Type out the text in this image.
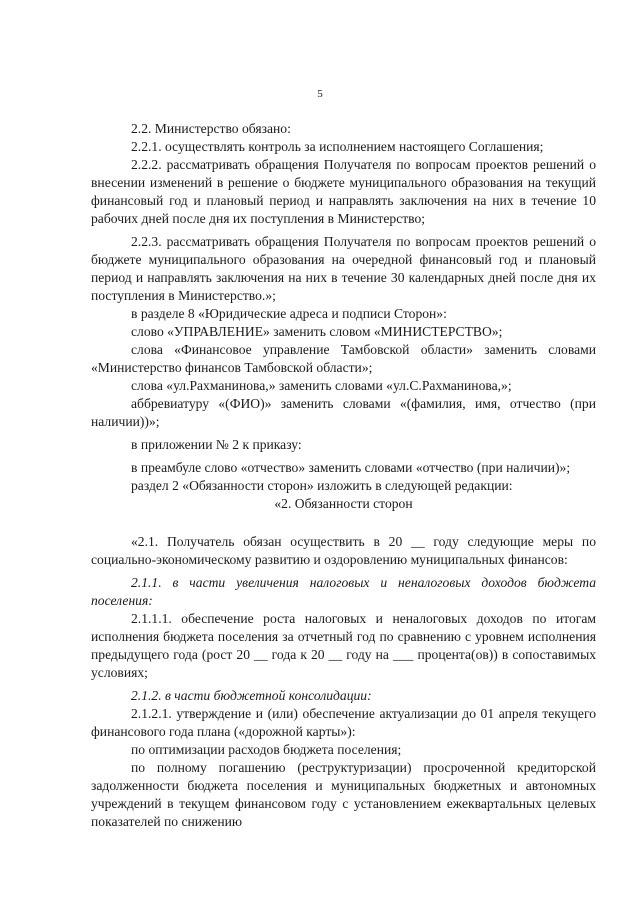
5

2.2. Министерство обязано:

2.2.1. осуществлять контроль за исполнением настоящего Соглашения;

2.2.2. рассматривать обращения Получателя по вопросам проектов решений о внесении изменений в решение о бюджете муниципального образования на текущий финансовый год и плановый период и направлять заключения на них в течение 10 рабочих дней после дня их поступления в Министерство;

2.2.3. рассматривать обращения Получателя по вопросам проектов решений о бюджете муниципального образования на очередной финансовый год и плановый период и направлять заключения на них в течение 30 календарных дней после дня их поступления в Министерство.»;

в разделе 8 «Юридические адреса и подписи Сторон»:

слово «УПРАВЛЕНИЕ» заменить словом «МИНИСТЕРСТВО»;

слова «Финансовое управление Тамбовской области» заменить словами «Министерство финансов Тамбовской области»;

слова «ул.Рахманинова,» заменить словами «ул.С.Рахманинова,»;

аббревиатуру «(ФИО)» заменить словами «(фамилия, имя, отчество (при наличии))»;

в приложении № 2 к приказу:

в преамбуле слово «отчество» заменить словами «отчество (при наличии)»;

раздел 2 «Обязанности сторон» изложить в следующей редакции:

«2. Обязанности сторон

«2.1. Получатель обязан осуществить в 20 __ году следующие меры по социально-экономическому развитию и оздоровлению муниципальных финансов:

2.1.1. в части увеличения налоговых и неналоговых доходов бюджета поселения:

2.1.1.1. обеспечение роста налоговых и неналоговых доходов по итогам исполнения бюджета поселения за отчетный год по сравнению с уровнем исполнения предыдущего года (рост 20 __ года к 20 __ году на ___ процента(ов)) в сопоставимых условиях;

2.1.2. в части бюджетной консолидации:

2.1.2.1. утверждение и (или) обеспечение актуализации до 01 апреля текущего финансового года плана («дорожной карты»):

по оптимизации расходов бюджета поселения;

по полному погашению (реструктуризации) просроченной кредиторской задолженности бюджета поселения и муниципальных бюджетных и автономных учреждений в текущем финансовом году с установлением ежеквартальных целевых показателей по снижению
